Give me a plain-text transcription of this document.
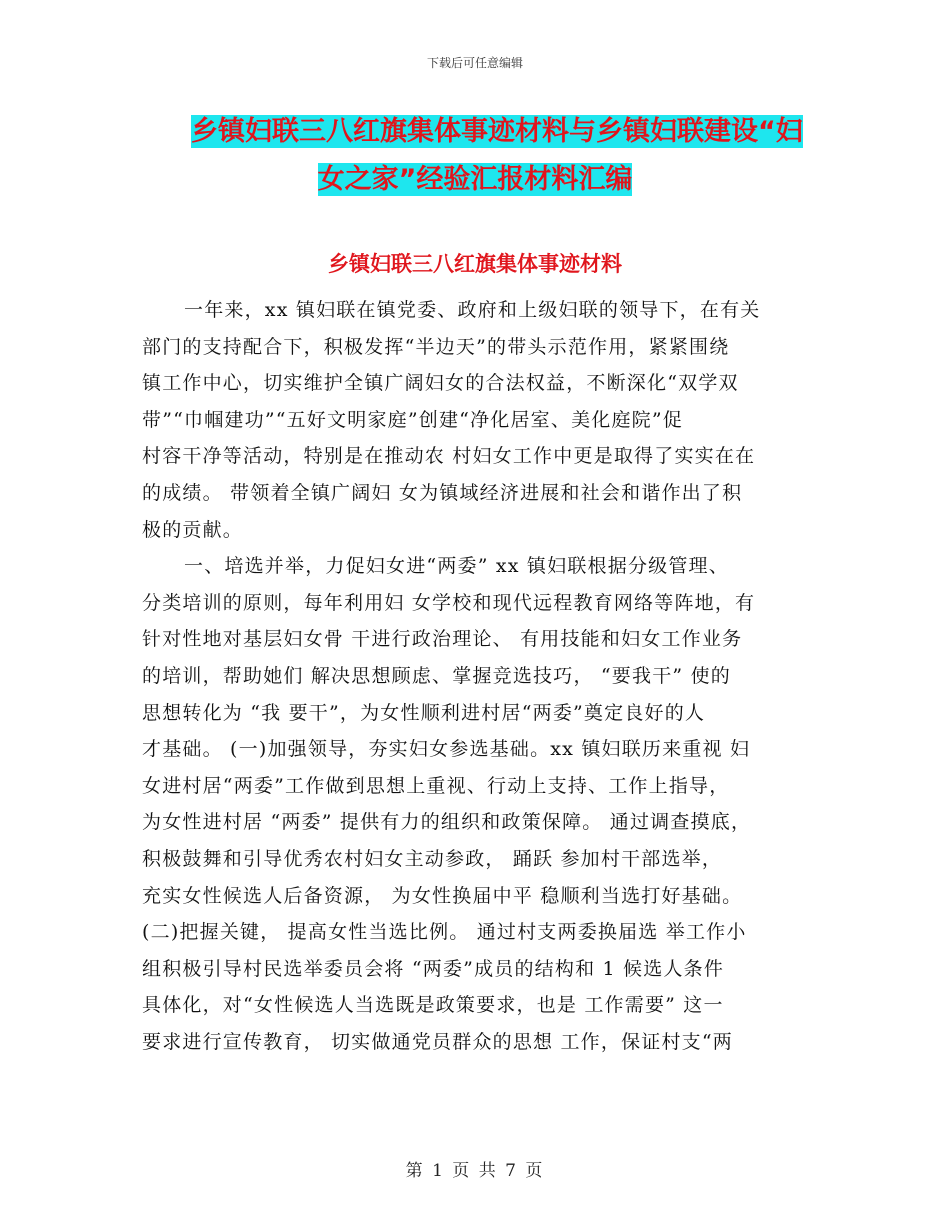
下载后可任意编辑
乡镇妇联三八红旗集体事迹材料与乡镇妇联建设“妇
女之家”经验汇报材料汇编
乡镇妇联三八红旗集体事迹材料
一年来，xx 镇妇联在镇党委、政府和上级妇联的领导下，在有关
部门的支持配合下，积极发挥“半边天”的带头示范作用，紧紧围绕
镇工作中心，切实维护全镇广阔妇女的合法权益，不断深化“双学双
带”“巾帼建功”“五好文明家庭”创建“净化居室、美化庭院”促
村容干净等活动，特别是在推动农 村妇女工作中更是取得了实实在在
的成绩。 带领着全镇广阔妇 女为镇域经济进展和社会和谐作出了积
极的贡献。
一、培选并举，力促妇女进“两委” xx 镇妇联根据分级管理、
分类培训的原则，每年利用妇 女学校和现代远程教育网络等阵地，有
针对性地对基层妇女骨 干进行政治理论、 有用技能和妇女工作业务
的培训，帮助她们 解决思想顾虑、掌握竞选技巧， “要我干” 使的
思想转化为 “我 要干”，为女性顺利进村居“两委”奠定良好的人
才基础。 (一)加强领导，夯实妇女参选基础。xx 镇妇联历来重视 妇
女进村居“两委”工作做到思想上重视、行动上支持、工作上指导，
为女性进村居 “两委” 提供有力的组织和政策保障。 通过调查摸底，
积极鼓舞和引导优秀农村妇女主动参政， 踊跃 参加村干部选举，
充实女性候选人后备资源， 为女性换届中平 稳顺利当选打好基础。
(二)把握关键， 提高女性当选比例。 通过村支两委换届选 举工作小
组积极引导村民选举委员会将 “两委”成员的结构和 1 候选人条件
具体化，对“女性候选人当选既是政策要求，也是 工作需要” 这一
要求进行宣传教育， 切实做通党员群众的思想 工作，保证村支“两
第 1 页 共 7 页
